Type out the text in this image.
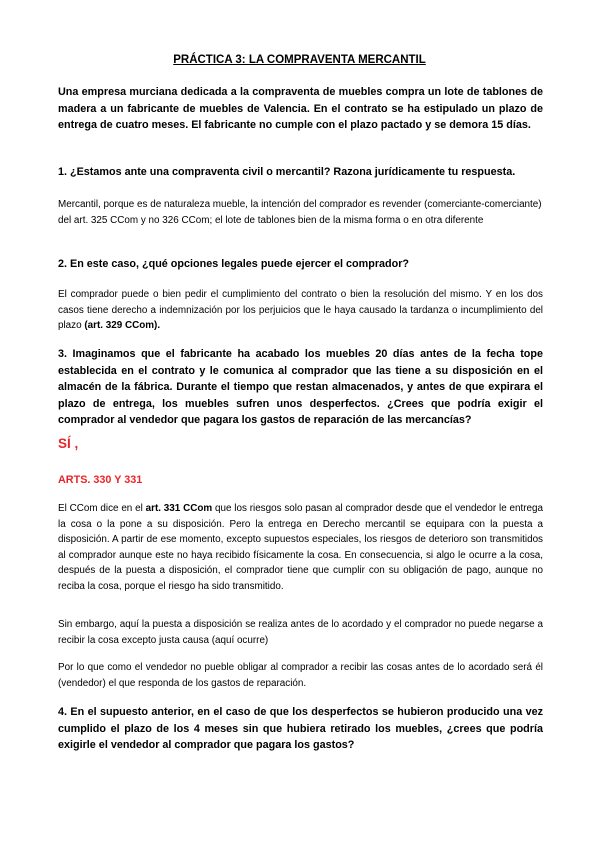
PRÁCTICA 3: LA COMPRAVENTA MERCANTIL

Una empresa murciana dedicada a la compraventa de muebles compra un lote de tablones de madera a un fabricante de muebles de Valencia. En el contrato se ha estipulado un plazo de entrega de cuatro meses. El fabricante no cumple con el plazo pactado y se demora 15 días.

1. ¿Estamos ante una compraventa civil o mercantil? Razona jurídicamente tu respuesta.

Mercantil, porque es de naturaleza mueble, la intención del comprador es revender (comerciante-comerciante) del art. 325 CCom y no 326 CCom; el lote de tablones bien de la misma forma o en otra diferente

2. En este caso, ¿qué opciones legales puede ejercer el comprador?

El comprador puede o bien pedir el cumplimiento del contrato o bien la resolución del mismo. Y en los dos casos tiene derecho a indemnización por los perjuicios que le haya causado la tardanza o incumplimiento del plazo (art. 329 CCom).

3. Imaginamos que el fabricante ha acabado los muebles 20 días antes de la fecha tope establecida en el contrato y le comunica al comprador que las tiene a su disposición en el almacén de la fábrica. Durante el tiempo que restan almacenados, y antes de que expirara el plazo de entrega, los muebles sufren unos desperfectos. ¿Crees que podría exigir el comprador al vendedor que pagara los gastos de reparación de las mercancías?

SÍ ,

ARTS. 330 Y 331

El CCom dice en el art. 331 CCom que los riesgos solo pasan al comprador desde que el vendedor le entrega la cosa o la pone a su disposición. Pero la entrega en Derecho mercantil se equipara con la puesta a disposición. A partir de ese momento, excepto supuestos especiales, los riesgos de deterioro son transmitidos al comprador aunque este no haya recibido físicamente la cosa. En consecuencia, si algo le ocurre a la cosa, después de la puesta a disposición, el comprador tiene que cumplir con su obligación de pago, aunque no reciba la cosa, porque el riesgo ha sido transmitido.

Sin embargo, aquí la puesta a disposición se realiza antes de lo acordado y el comprador no puede negarse a recibir la cosa excepto justa causa (aquí ocurre)

Por lo que como el vendedor no pueble obligar al comprador a recibir las cosas antes de lo acordado será él (vendedor) el que responda de los gastos de reparación.

4. En el supuesto anterior, en el caso de que los desperfectos se hubieron producido una vez cumplido el plazo de los 4 meses sin que hubiera retirado los muebles, ¿crees que podría exigirle el vendedor al comprador que pagara los gastos?
